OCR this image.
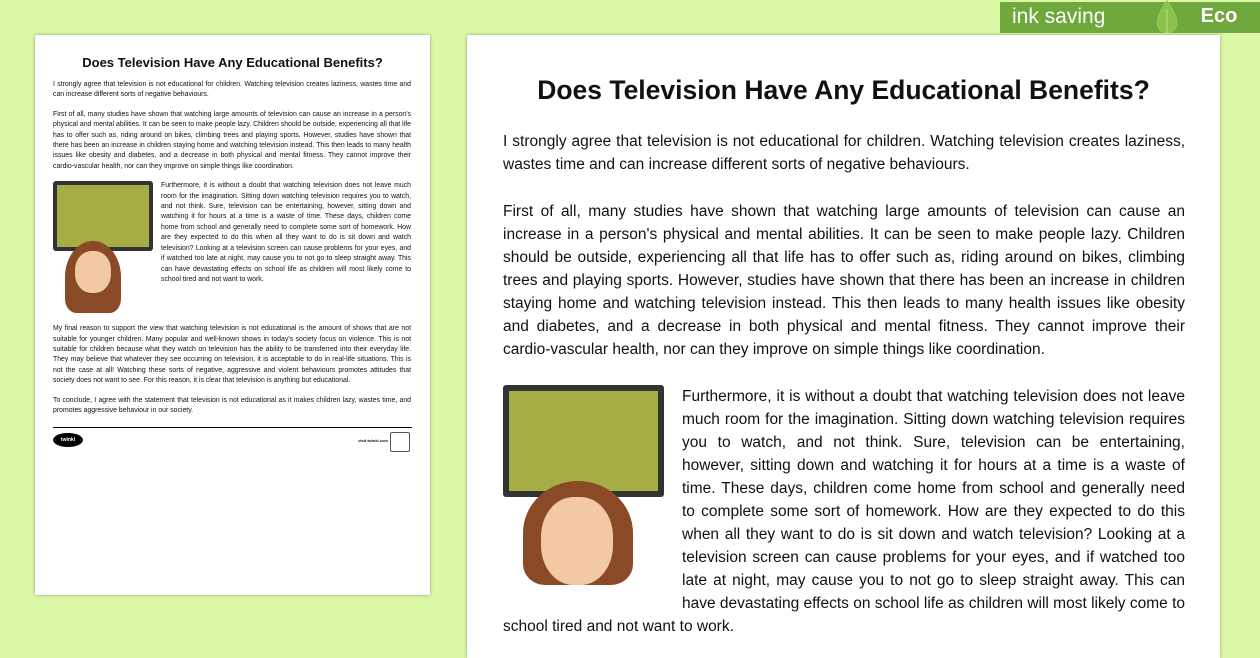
Does Television Have Any Educational Benefits?

I strongly agree that television is not educational for children. Watching television creates laziness, wastes time and can increase different sorts of negative behaviours.

First of all, many studies have shown that watching large amounts of television can cause an increase in a person's physical and mental abilities. It can be seen to make people lazy. Children should be outside, experiencing all that life has to offer such as, riding around on bikes, climbing trees and playing sports. However, studies have shown that there has been an increase in children staying home and watching television instead. This then leads to many health issues like obesity and diabetes, and a decrease in both physical and mental fitness. They cannot improve their cardio-vascular health, nor can they improve on simple things like coordination.

Furthermore, it is without a doubt that watching television does not leave much room for the imagination. Sitting down watching television requires you to watch, and not think. Sure, television can be entertaining, however, sitting down and watching it for hours at a time is a waste of time. These days, children come home from school and generally need to complete some sort of homework. How are they expected to do this when all they want to do is sit down and watch television? Looking at a television screen can cause problems for your eyes, and if watched too late at night, may cause you to not go to sleep straight away. This can have devastating effects on school life as children will most likely come to school tired and not want to work.

My final reason to support the view that watching television is not educational is the amount of shows that are not suitable for younger children. Many popular and well-known shows in today's society focus on violence. This is not suitable for children because what they watch on television has the ability to be transferred into their everyday life. They may believe that whatever they see occurring on television, it is acceptable to do in real-life situations. This is not the case at all! Watching these sorts of negative, aggressive and violent behaviours promotes attitudes that society does not want to see. For this reason, it is clear that television is anything but educational.

To conclude, I agree with the statement that television is not educational as it makes children lazy, wastes time, and promotes aggressive behaviour in our society.

twinkl	visit twinkl.com
Does Television Have Any Educational Benefits?

I strongly agree that television is not educational for children. Watching television creates laziness, wastes time and can increase different sorts of negative behaviours.

First of all, many studies have shown that watching large amounts of television can cause an increase in a person's physical and mental abilities. It can be seen to make people lazy. Children should be outside, experiencing all that life has to offer such as, riding around on bikes, climbing trees and playing sports. However, studies have shown that there has been an increase in children staying home and watching television instead. This then leads to many health issues like obesity and diabetes, and a decrease in both physical and mental fitness. They cannot improve their cardio-vascular health, nor can they improve on simple things like coordination.

Furthermore, it is without a doubt that watching television does not leave much room for the imagination. Sitting down watching television requires you to watch, and not think. Sure, television can be entertaining, however, sitting down and watching it for hours at a time is a waste of time. These days, children come home from school and generally need to complete some sort of homework. How are they expected to do this when all they want to do is sit down and watch television? Looking at a television screen can cause problems for your eyes, and if watched too late at night, may cause you to not go to sleep straight away. This can have devastating effects on school life as children will most likely come to school tired and not want to work.

ink saving	Eco
